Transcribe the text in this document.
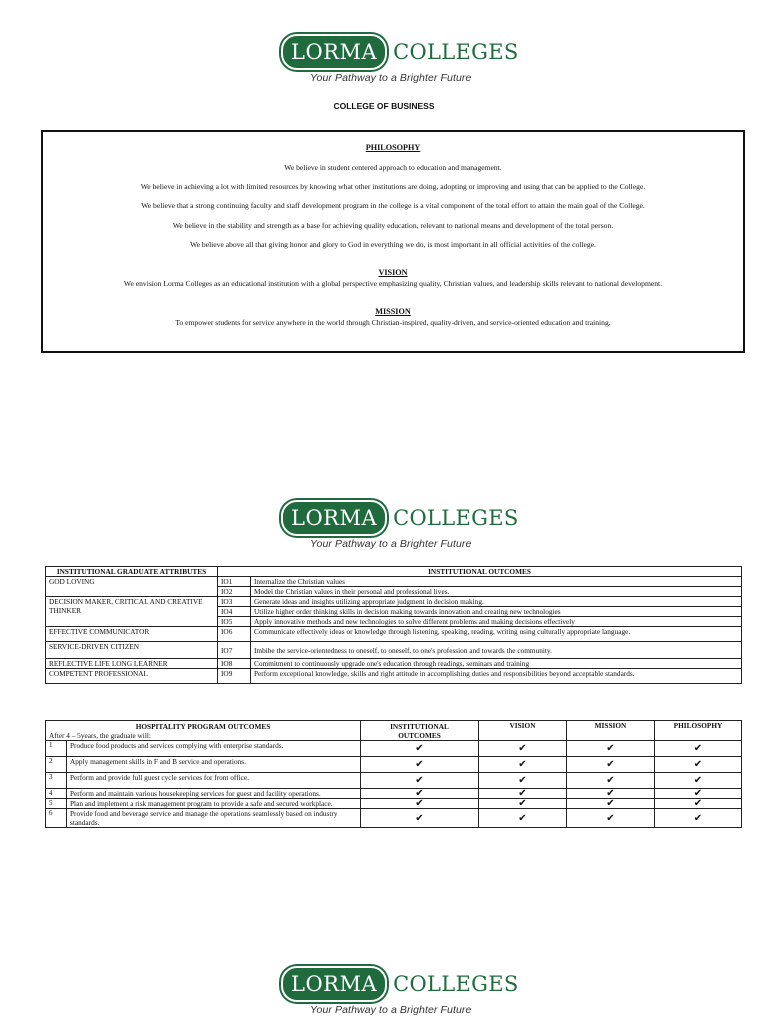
LORMA COLLEGES
Your Pathway to a Brighter Future
COLLEGE OF BUSINESS
PHILOSOPHY
We believe in student centered approach to education and management.
We believe in achieving a lot with limited resources by knowing what other institutions are doing, adopting or improving and using that can be applied to the College.
We believe that a strong continuing faculty and staff development program in the college is a vital component of the total effort to attain the main goal of the College.
We believe in the stability and strength as a base for achieving quality education, relevant to national means and development of the total person.
We believe above all that giving honor and glory to God in everything we do, is most important in all official activities of the college.
VISION
We envision Lorma Colleges as an educational institution with a global perspective emphasizing quality, Christian values, and leadership skills relevant to national development.
MISSION
To empower students for service anywhere in the world through Christian-inspired, quality-driven, and service-oriented education and training.
LORMA COLLEGES
Your Pathway to a Brighter Future
INSTITUTIONAL GRADUATE ATTRIBUTES	INSTITUTIONAL OUTCOMES	
GOD LOVING	IO1	Internalize the Christian values
	IO2	Model the Christian values in their personal and professional lives.
DECISION MAKER, CRITICAL AND CREATIVE THINKER	IO3	Generate ideas and insights utilizing appropriate judgment in decision making.
	IO4	Utilize higher order thinking skills in decision making towards innovation and creating new technologies
	IO5	Apply innovative methods and new technologies to solve different problems and making decisions effectively
EFFECTIVE COMMUNICATOR	IO6	Communicate effectively ideas or knowledge through listening, speaking, reading, writing using culturally appropriate language.
SERVICE-DRIVEN CITIZEN	IO7	Imbibe the service-orientedness to oneself, to oneself, to one's profession and towards the community.
REFLECTIVE LIFE LONG LEARNER	IO8	Commitment to continuously upgrade one's education through readings, seminars and training
COMPETENT PROFESSIONAL	IO9	Perform exceptional knowledge, skills and right attitude in accomplishing duties and responsibilities beyond acceptable standards.
HOSPITALITY PROGRAM OUTCOMES
After 4 – 5years, the graduate will:		INSTITUTIONAL OUTCOMES	VISION	MISSION	PHILOSOPHY
1	Produce food products and services complying with enterprise standards.	✔	✔	✔	✔
2	Apply management skills in F and B service and operations.	✔	✔	✔	✔
3	Perform and provide full guest cycle services for front office.	✔	✔	✔	✔
4	Perform and maintain various housekeeping services for guest and facility operations.	✔	✔	✔	✔
5	Plan and implement a risk management program to provide a safe and secured workplace.	✔	✔	✔	✔
6	Provide food and beverage service and manage the operations seamlessly based on industry standards.	✔	✔	✔	✔
LORMA COLLEGES
Your Pathway to a Brighter Future
